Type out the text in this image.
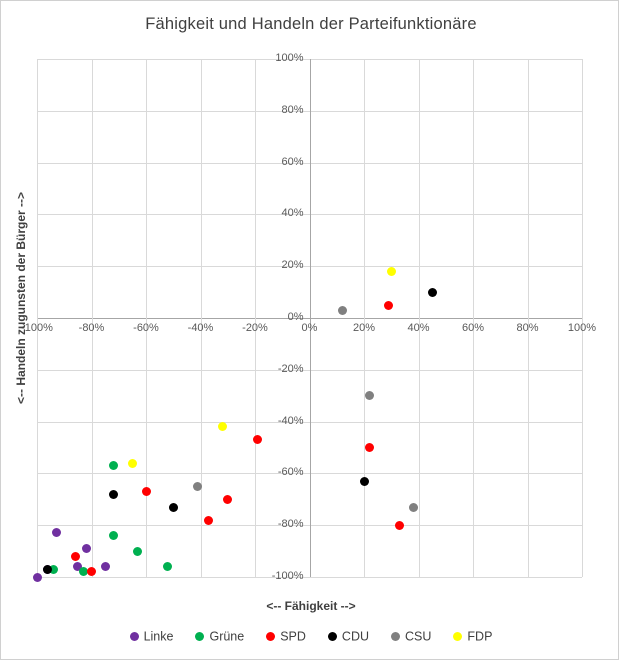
Fähigkeit und Handeln der Parteifunktionäre
100%
80%
60%
40%
20%
0%
-20%
-40%
-60%
-80%
-100%
-100%	-80%	-60%	-40%	-20%	0%	20%	40%	60%	80%	100%
<-- Fähigkeit -->
<-- Handeln zugunsten der Bürger -->
Linke	Grüne	SPD	CDU	CSU	FDP
